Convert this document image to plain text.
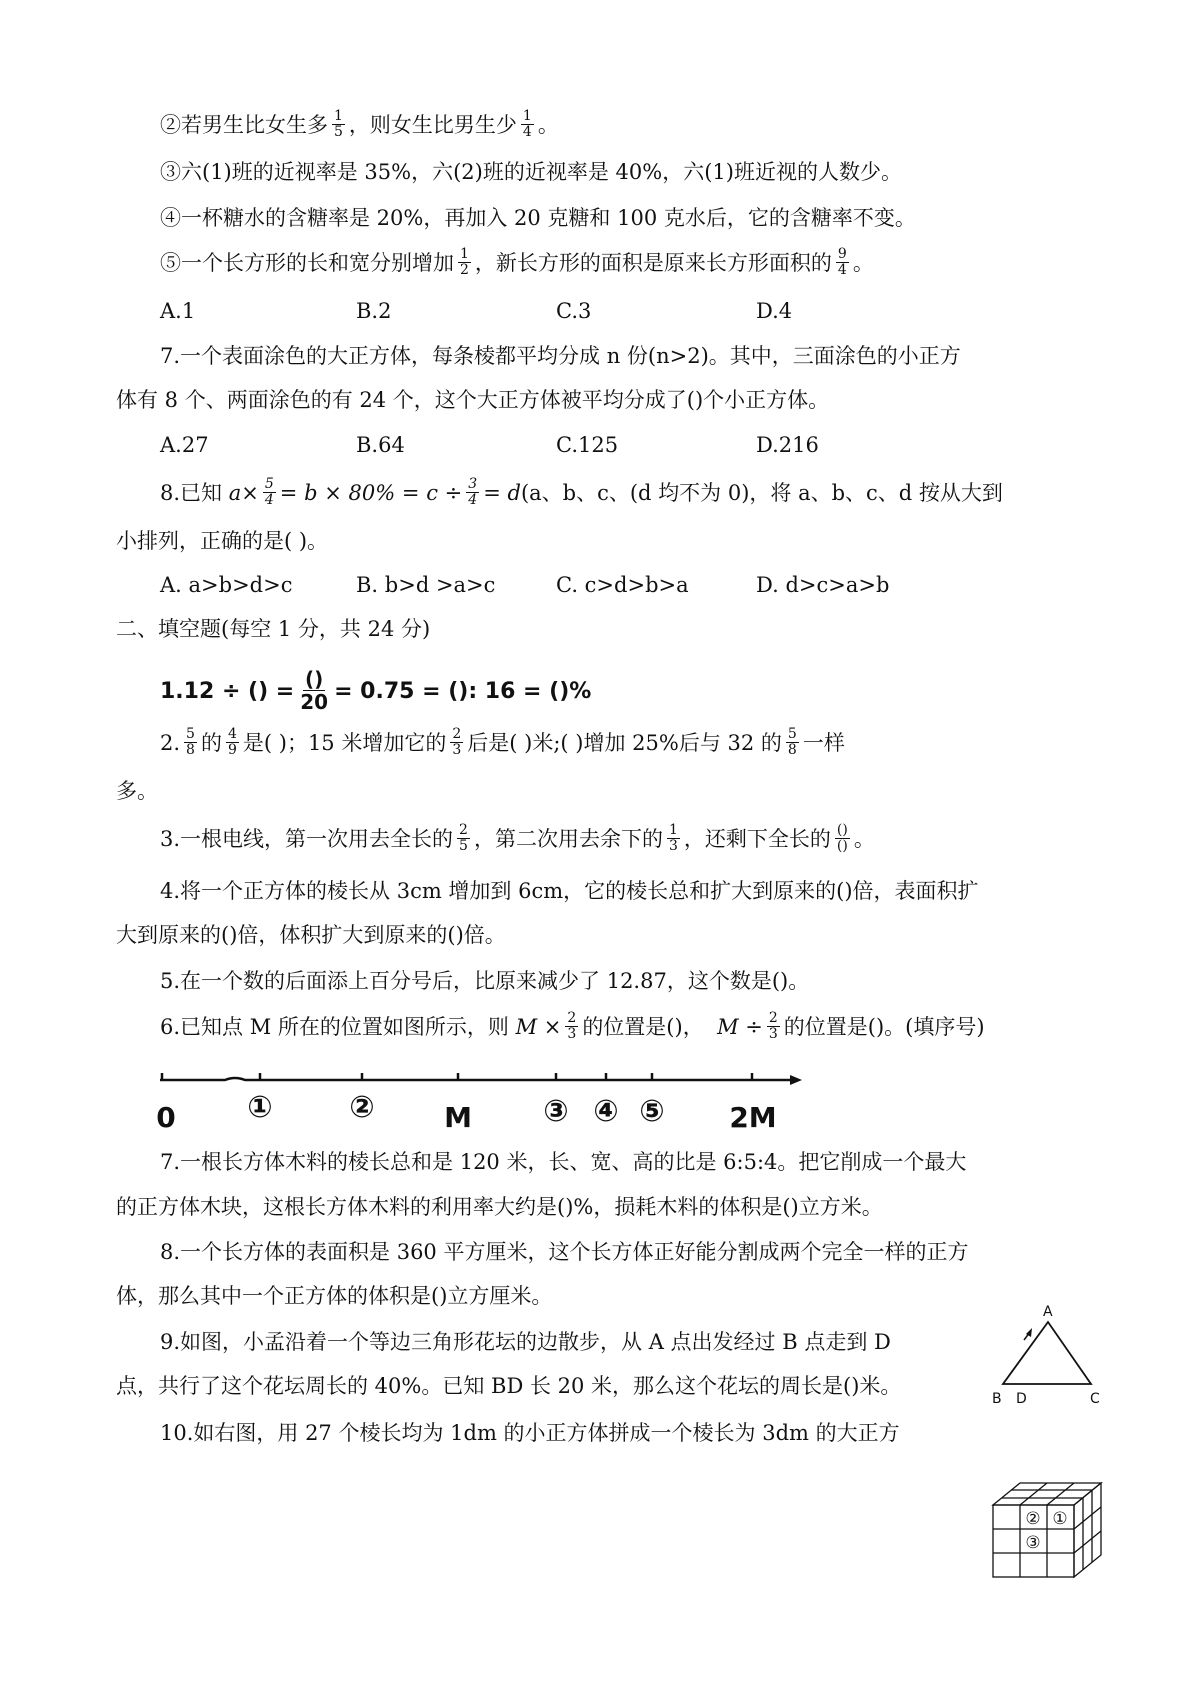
②若男生比女生多 $\frac{1}{5}$ ，则女生比男生少 $\frac{1}{4}$ 。
③六(1)班的近视率是 35%，六(2)班的近视率是 40%，六(1)班近视的人数少。
④一杯糖水的含糖率是 20%，再加入 20 克糖和 100 克水后，它的含糖率不变。
⑤一个长方形的长和宽分别增加 $\frac{1}{2}$ ，新长方形的面积是原来长方形面积的 $\frac{9}{4}$ 。
A.1	B.2	C.3	D.4
7.一个表面涂色的大正方体，每条棱都平均分成 n 份(n>2)。其中，三面涂色的小正方
体有 8 个、两面涂色的有 24 个，这个大正方体被平均分成了()个小正方体。
A.27	B.64	C.125	D.216
8.已知 $a\times \frac{5}{4} = b \times 80\% = c \div \frac{3}{4} = d(a$、b、c、(d 均不为 0)，将 a、b、c、d 按从大到
小排列，正确的是( )。
A. a>b>d>c	B. b>d >a>c	C. c>d>b>a	D. d>c>a>b
二、填空题(每空 1 分，共 24 分)
1.12 ÷ () = $\frac{()}{20} = 0.75$ = (): 16 = ()%
2. $\frac{5}{8}$ 的 $\frac{4}{9}$ 是( )；15 米增加它的 $\frac{2}{3}$ 后是( )米;( )增加 25%后与 32 的 $\frac{5}{8}$ 一样
多。
3.一根电线，第一次用去全长的 $\frac{2}{5}$ ，第二次用去余下的 $\frac{1}{3}$ ，还剩下全长的 $\frac{()}{()}$ 。
4.将一个正方体的棱长从 3cm 增加到 6cm，它的棱长总和扩大到原来的()倍，表面积扩
大到原来的()倍，体积扩大到原来的()倍。
5.在一个数的后面添上百分号后，比原来减少了 12.87，这个数是()。
6.已知点 M 所在的位置如图所示，则 $M \times \frac{2}{3}$ 的位置是()， $M \div \frac{2}{3}$ 的位置是()。(填序号)
0 ①	② M ③ ④ ⑤ 2M
7.一根长方体木料的棱长总和是 120 米，长、宽、高的比是 6:5:4。把它削成一个最大
的正方体木块，这根长方体木料的利用率大约是()%，损耗木料的体积是()立方米。
8.一个长方体的表面积是 360 平方厘米，这个长方体正好能分割成两个完全一样的正方
体，那么其中一个正方体的体积是()立方厘米。
9.如图，小孟沿着一个等边三角形花坛的边散步，从 A 点出发经过 B 点走到 D
点，共行了这个花坛周长的 40%。已知 BD 长 20 米，那么这个花坛的周长是()米。
A
B D	C
10.如右图，用 27 个棱长均为 1dm 的小正方体拼成一个棱长为 3dm 的大正方
② ①
③
